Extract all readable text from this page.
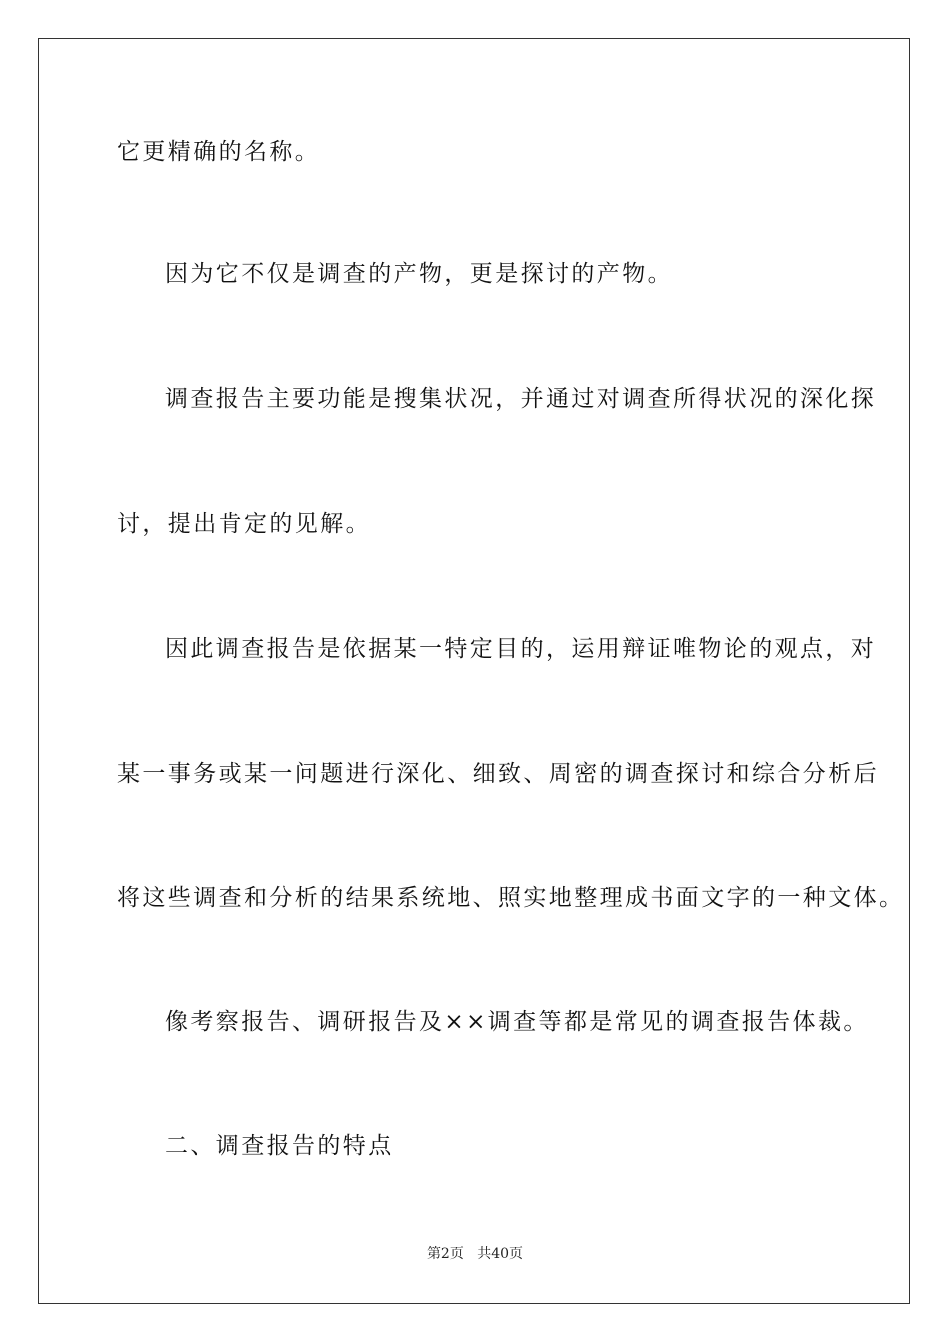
它更精确的名称。
因为它不仅是调查的产物，更是探讨的产物。
调查报告主要功能是搜集状况，并通过对调查所得状况的深化探
讨，提出肯定的见解。
因此调查报告是依据某一特定目的，运用辩证唯物论的观点，对
某一事务或某一问题进行深化、细致、周密的调查探讨和综合分析后
将这些调查和分析的结果系统地、照实地整理成书面文字的一种文体。
像考察报告、调研报告及××调查等都是常见的调查报告体裁。
二、调查报告的特点
第2页 共40页
